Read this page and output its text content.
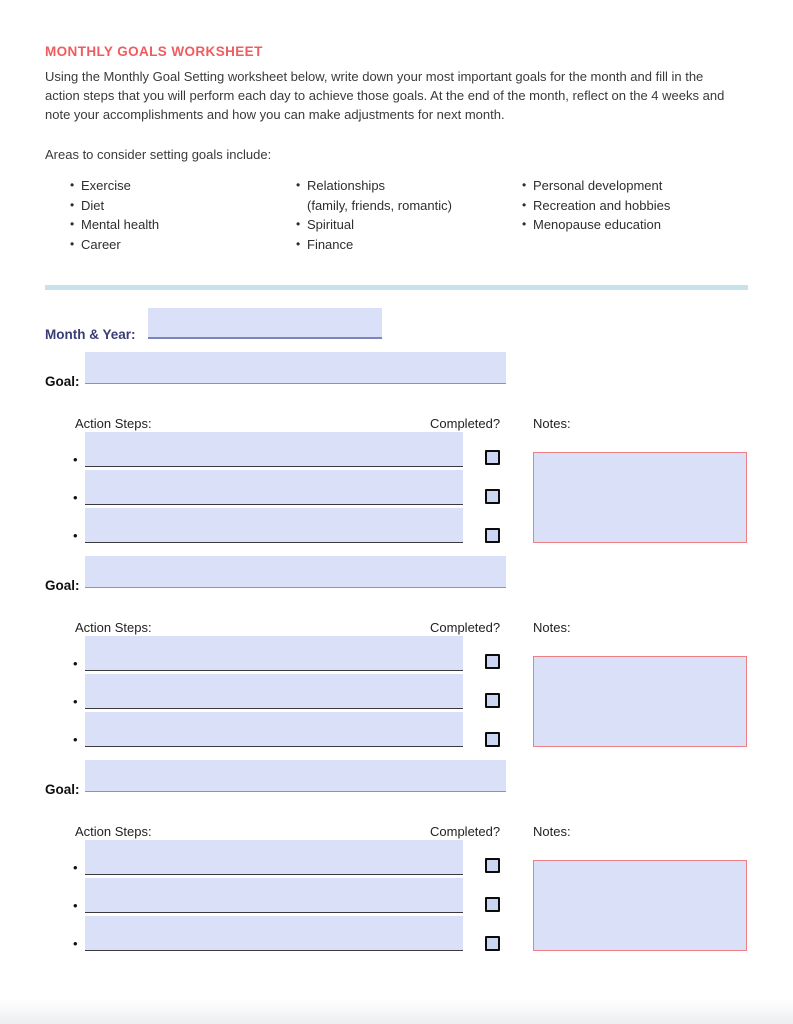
MONTHLY GOALS WORKSHEET
Using the Monthly Goal Setting worksheet below, write down your most important goals for the month and fill in the action steps that you will perform each day to achieve those goals. At the end of the month, reflect on the 4 weeks and note your accomplishments and how you can make adjustments for next month.
Areas to consider setting goals include:
• Exercise
• Diet
• Mental health
• Career
• Relationships
(family, friends, romantic)
• Spiritual
• Finance
• Personal development
• Recreation and hobbies
• Menopause education
Month & Year:
Goal:
Action Steps:	Completed?	Notes:
•
•
•
Goal:
Action Steps:	Completed?	Notes:
•
•
•
Goal:
Action Steps:	Completed?	Notes:
•
•
•
